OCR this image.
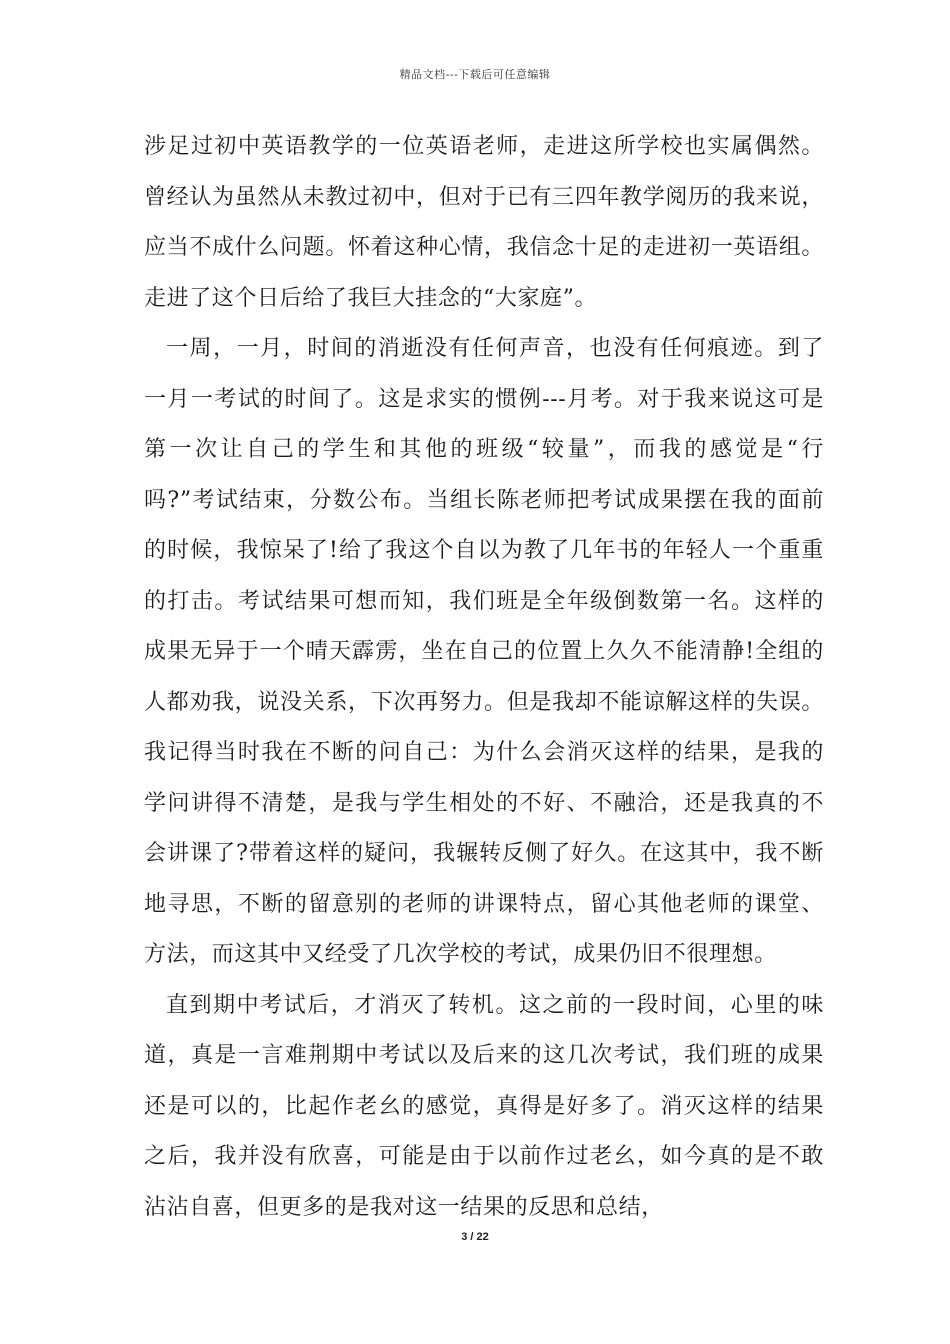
精品文档---下载后可任意编辑
涉足过初中英语教学的一位英语老师，走进这所学校也实属偶然。
曾经认为虽然从未教过初中，但对于已有三四年教学阅历的我来说，
应当不成什么问题。怀着这种心情，我信念十足的走进初一英语组。
走进了这个日后给了我巨大挂念的“大家庭”。
一周，一月，时间的消逝没有任何声音，也没有任何痕迹。到了
一月一考试的时间了。这是求实的惯例---月考。对于我来说这可是
第一次让自己的学生和其他的班级“较量”，而我的感觉是“行
吗?”考试结束，分数公布。当组长陈老师把考试成果摆在我的面前
的时候，我惊呆了!给了我这个自以为教了几年书的年轻人一个重重
的打击。考试结果可想而知，我们班是全年级倒数第一名。这样的
成果无异于一个晴天霹雳，坐在自己的位置上久久不能清静!全组的
人都劝我，说没关系，下次再努力。但是我却不能谅解这样的失误。
我记得当时我在不断的问自己：为什么会消灭这样的结果，是我的
学问讲得不清楚，是我与学生相处的不好、不融洽，还是我真的不
会讲课了?带着这样的疑问，我辗转反侧了好久。在这其中，我不断
地寻思，不断的留意别的老师的讲课特点，留心其他老师的课堂、
方法，而这其中又经受了几次学校的考试，成果仍旧不很理想。
直到期中考试后，才消灭了转机。这之前的一段时间，心里的味
道，真是一言难荆期中考试以及后来的这几次考试，我们班的成果
还是可以的，比起作老幺的感觉，真得是好多了。消灭这样的结果
之后，我并没有欣喜，可能是由于以前作过老幺，如今真的是不敢
沾沾自喜，但更多的是我对这一结果的反思和总结，
3 / 22
